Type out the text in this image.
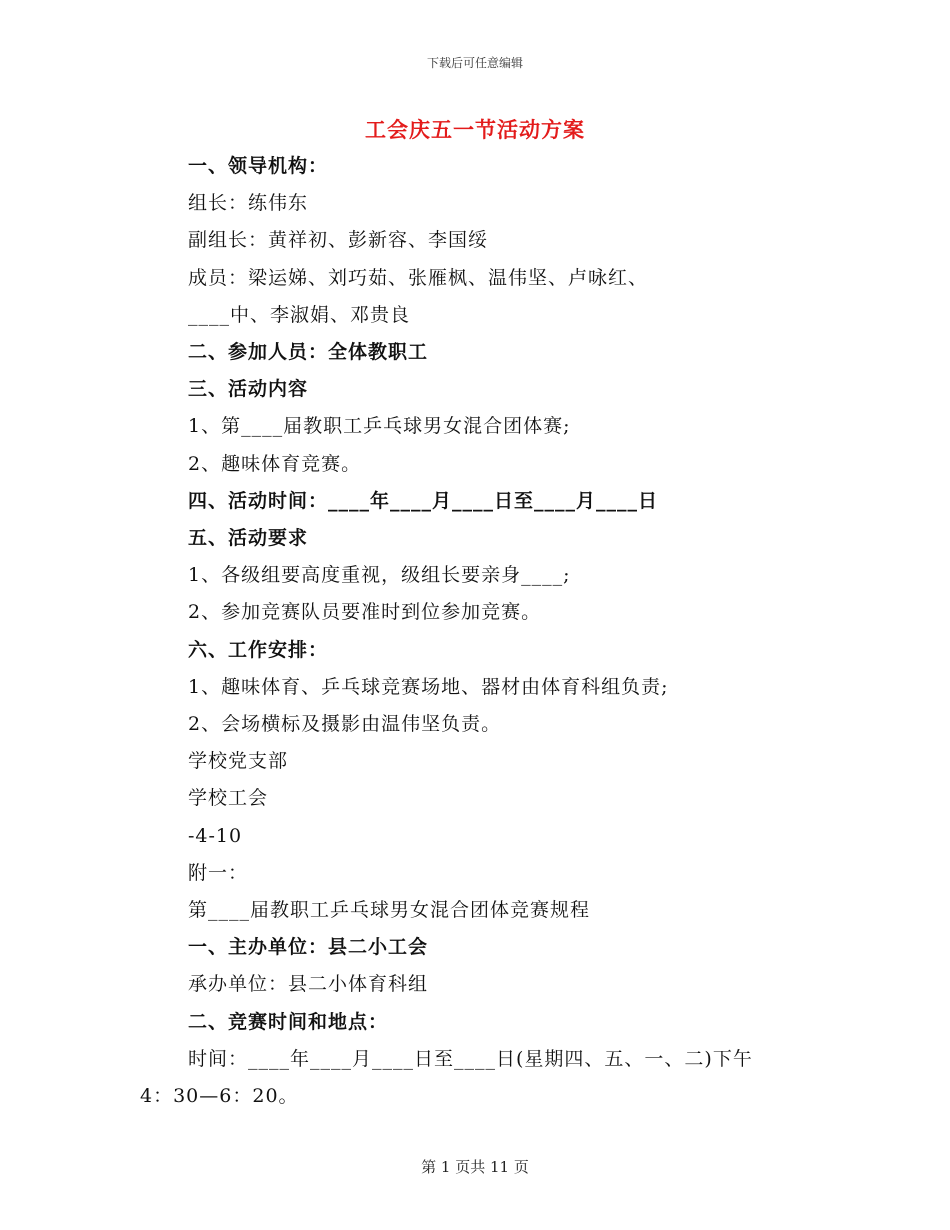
下载后可任意编辑
工会庆五一节活动方案
一、领导机构：
组长：练伟东
副组长：黄祥初、彭新容、李国绥
成员：梁运娣、刘巧茹、张雁枫、温伟坚、卢咏红、
____中、李淑娟、邓贵良
二、参加人员：全体教职工
三、活动内容
1、第____届教职工乒乓球男女混合团体赛;
2、趣味体育竞赛。
四、活动时间：____年____月____日至____月____日
五、活动要求
1、各级组要高度重视，级组长要亲身____;
2、参加竞赛队员要准时到位参加竞赛。
六、工作安排：
1、趣味体育、乒乓球竞赛场地、器材由体育科组负责;
2、会场横标及摄影由温伟坚负责。
学校党支部
学校工会
-4-10
附一：
第____届教职工乒乓球男女混合团体竞赛规程
一、主办单位：县二小工会
承办单位：县二小体育科组
二、竞赛时间和地点：
时间：____年____月____日至____日(星期四、五、一、二)下午
4：30—6：20。
第 1 页共 11 页
